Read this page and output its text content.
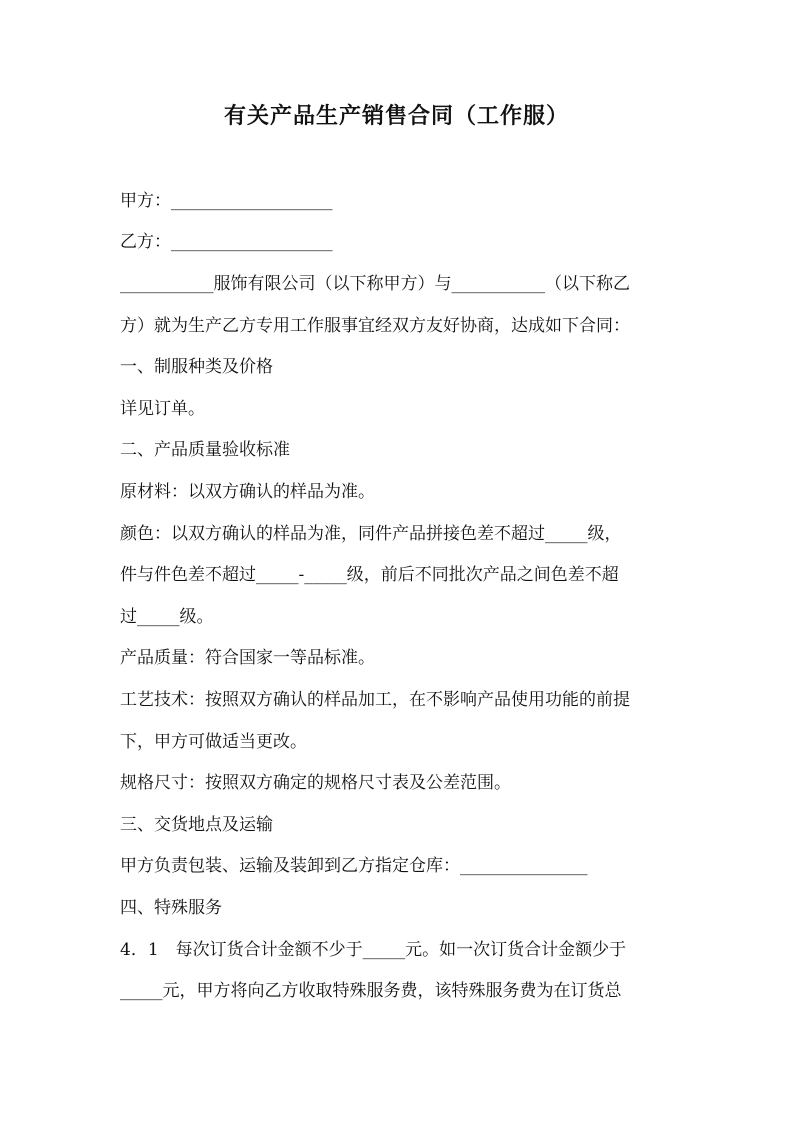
有关产品生产销售合同（工作服）
甲方：___________________
乙方：___________________
___________服饰有限公司（以下称甲方）与___________（以下称乙
方）就为生产乙方专用工作服事宜经双方友好协商，达成如下合同：
一、制服种类及价格
详见订单。
二、产品质量验收标准
原材料：以双方确认的样品为准。
颜色：以双方确认的样品为准，同件产品拼接色差不超过_____级，
件与件色差不超过_____-_____级，前后不同批次产品之间色差不超
过_____级。
产品质量：符合国家一等品标准。
工艺技术：按照双方确认的样品加工，在不影响产品使用功能的前提
下，甲方可做适当更改。
规格尺寸：按照双方确定的规格尺寸表及公差范围。
三、交货地点及运输
甲方负责包装、运输及装卸到乙方指定仓库：_______________
四、特殊服务
4．1　每次订货合计金额不少于_____元。如一次订货合计金额少于
_____元，甲方将向乙方收取特殊服务费，该特殊服务费为在订货总
